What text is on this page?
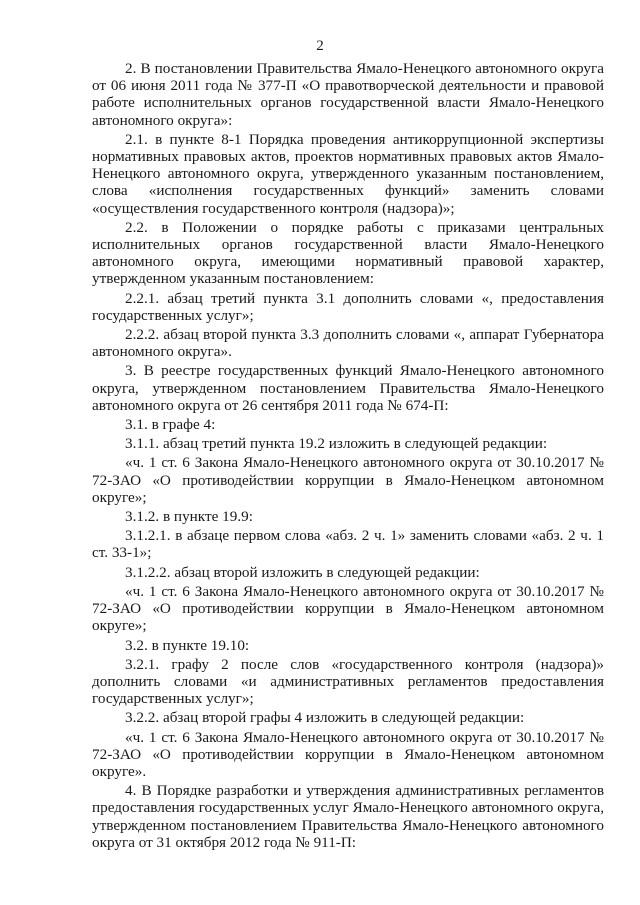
2

2. В постановлении Правительства Ямало-Ненецкого автономного округа от 06 июня 2011 года № 377-П «О правотворческой деятельности и правовой работе исполнительных органов государственной власти Ямало-Ненецкого автономного округа»:

2.1. в пункте 8-1 Порядка проведения антикоррупционной экспертизы нормативных правовых актов, проектов нормативных правовых актов Ямало-Ненецкого автономного округа, утвержденного указанным постановлением, слова «исполнения государственных функций» заменить словами «осуществления государственного контроля (надзора)»;

2.2. в Положении о порядке работы с приказами центральных исполнительных органов государственной власти Ямало-Ненецкого автономного округа, имеющими нормативный правовой характер, утвержденном указанным постановлением:

2.2.1. абзац третий пункта 3.1 дополнить словами «, предоставления государственных услуг»;

2.2.2. абзац второй пункта 3.3 дополнить словами «, аппарат Губернатора автономного округа».

3. В реестре государственных функций Ямало-Ненецкого автономного округа, утвержденном постановлением Правительства Ямало-Ненецкого автономного округа от 26 сентября 2011 года № 674-П:

3.1. в графе 4:

3.1.1. абзац третий пункта 19.2 изложить в следующей редакции:

«ч. 1 ст. 6 Закона Ямало-Ненецкого автономного округа от 30.10.2017 № 72-ЗАО «О противодействии коррупции в Ямало-Ненецком автономном округе»;

3.1.2. в пункте 19.9:

3.1.2.1. в абзаце первом слова «абз. 2 ч. 1» заменить словами «абз. 2 ч. 1 ст. 33-1»;

3.1.2.2. абзац второй изложить в следующей редакции:

«ч. 1 ст. 6 Закона Ямало-Ненецкого автономного округа от 30.10.2017 № 72-ЗАО «О противодействии коррупции в Ямало-Ненецком автономном округе»;

3.2. в пункте 19.10:

3.2.1. графу 2 после слов «государственного контроля (надзора)» дополнить словами «и административных регламентов предоставления государственных услуг»;

3.2.2. абзац второй графы 4 изложить в следующей редакции:

«ч. 1 ст. 6 Закона Ямало-Ненецкого автономного округа от 30.10.2017 № 72-ЗАО «О противодействии коррупции в Ямало-Ненецком автономном округе».

4. В Порядке разработки и утверждения административных регламентов предоставления государственных услуг Ямало-Ненецкого автономного округа, утвержденном постановлением Правительства Ямало-Ненецкого автономного округа от 31 октября 2012 года № 911-П:
